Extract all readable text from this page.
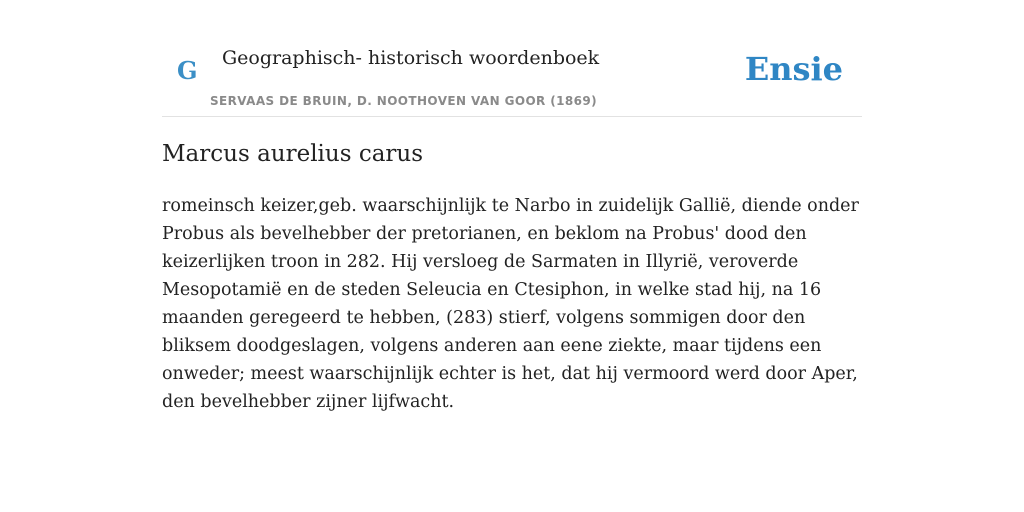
G Geographisch- historisch woordenboek
SERVAAS DE BRUIN, D. NOOTHOVEN VAN GOOR (1869)
Ensie
Marcus aurelius carus

romeinsch keizer,geb. waarschijnlijk te Narbo in zuidelijk Gallië, diende onder Probus als bevelhebber der pretorianen, en beklom na Probus' dood den keizerlijken troon in 282. Hij versloeg de Sarmaten in Illyrië, veroverde Mesopotamië en de steden Seleucia en Ctesiphon, in welke stad hij, na 16 maanden geregeerd te hebben, (283) stierf, volgens sommigen door den bliksem doodgeslagen, volgens anderen aan eene ziekte, maar tijdens een onweder; meest waarschijnlijk echter is het, dat hij vermoord werd door Aper, den bevelhebber zijner lijfwacht.
